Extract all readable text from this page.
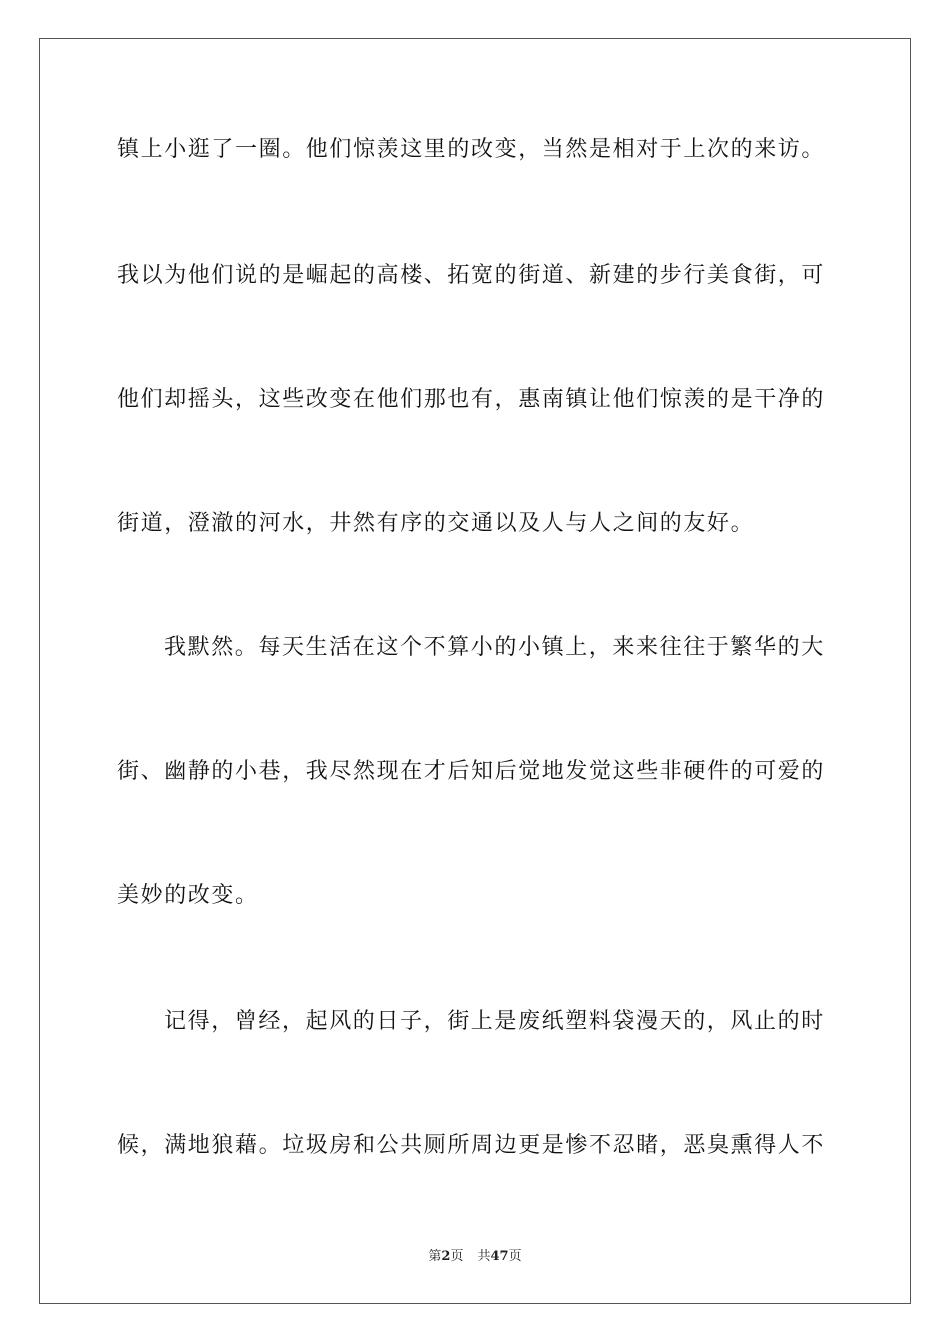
镇上小逛了一圈。他们惊羡这里的改变，当然是相对于上次的来访。
我以为他们说的是崛起的高楼、拓宽的街道、新建的步行美食街，可
他们却摇头，这些改变在他们那也有，惠南镇让他们惊羡的是干净的
街道，澄澈的河水，井然有序的交通以及人与人之间的友好。
我默然。每天生活在这个不算小的小镇上，来来往往于繁华的大
街、幽静的小巷，我尽然现在才后知后觉地发觉这些非硬件的可爱的
美妙的改变。
记得，曾经，起风的日子，街上是废纸塑料袋漫天的，风止的时
候，满地狼藉。垃圾房和公共厕所周边更是惨不忍睹，恶臭熏得人不
第2页 共47页
